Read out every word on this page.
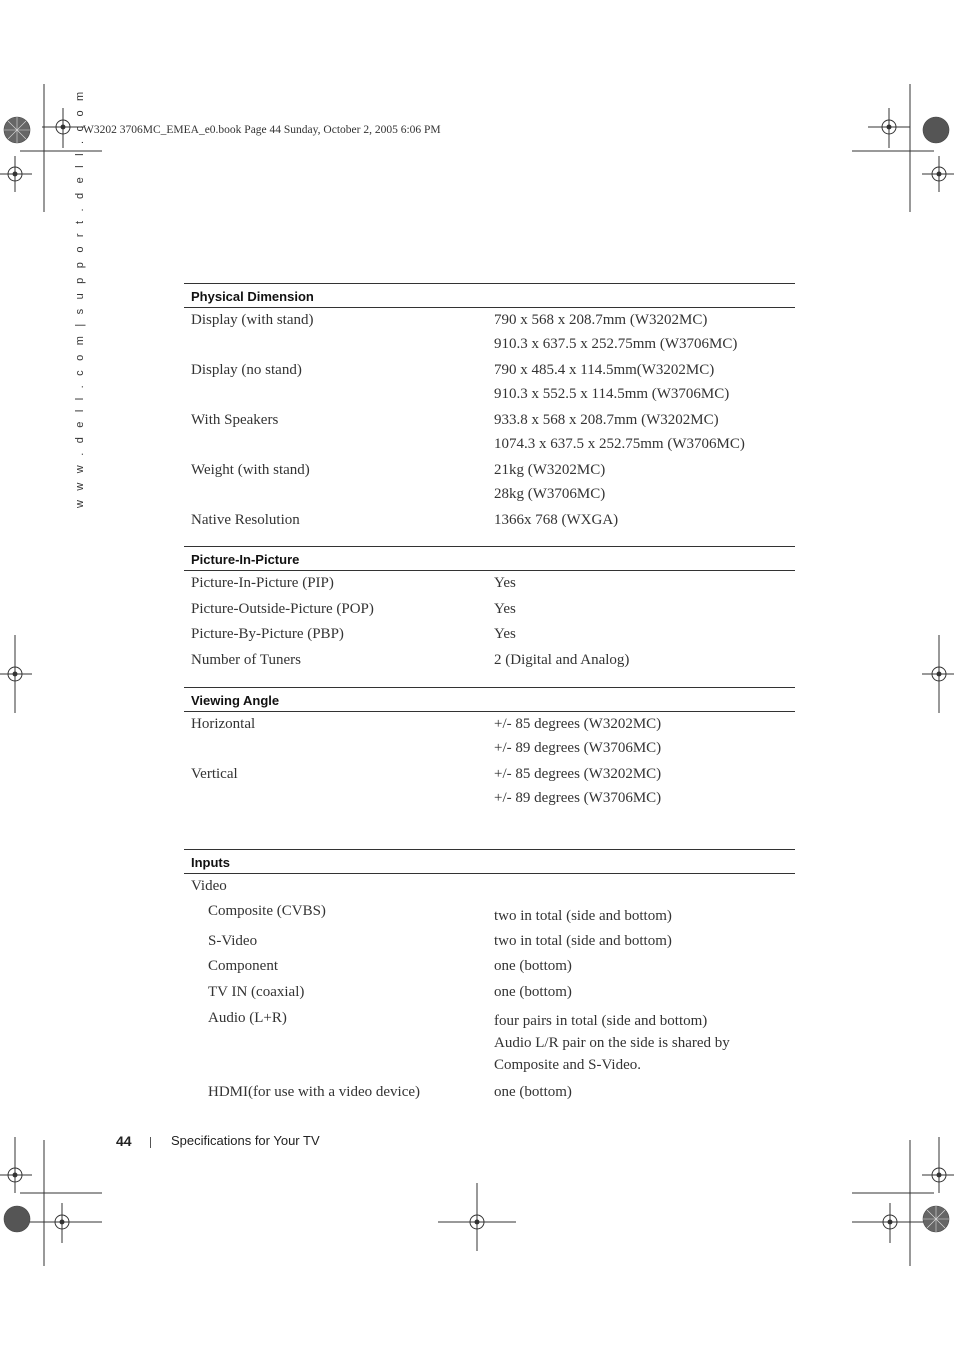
W3202 3706MC_EMEA_e0.book Page 44 Sunday, October 2, 2005 6:06 PM
w w w . d e l l . c o m | s u p p o r t . d e l l . c o m	Physical Dimension
Display (with stand)	790 x 568 x 208.7mm (W3202MC)
910.3 x 637.5 x 252.75mm (W3706MC)
Display (no stand)	790 x 485.4 x 114.5mm(W3202MC)
910.3 x 552.5 x 114.5mm (W3706MC)
With Speakers	933.8 x 568 x 208.7mm (W3202MC)
1074.3 x 637.5 x 252.75mm (W3706MC)
Weight (with stand)	21kg (W3202MC)
28kg (W3706MC)
Native Resolution	1366x 768 (WXGA)
Picture-In-Picture
Picture-In-Picture (PIP)	Yes
Picture-Outside-Picture (POP)	Yes
Picture-By-Picture (PBP)	Yes
Number of Tuners	2 (Digital and Analog)
Viewing Angle
Horizontal	+/- 85 degrees (W3202MC)
+/- 89 degrees (W3706MC)
Vertical	+/- 85 degrees (W3202MC)
+/- 89 degrees (W3706MC)
Inputs
Video
Composite (CVBS)	two in total (side and bottom)
S-Video	two in total (side and bottom)
Component	one (bottom)
TV IN (coaxial)	one (bottom)
Audio (L+R)	four pairs in total (side and bottom)
Audio L/R pair on the side is shared by
Composite and S-Video.
HDMI(for use with a video device)	one (bottom)
44	Specifications for Your TV
